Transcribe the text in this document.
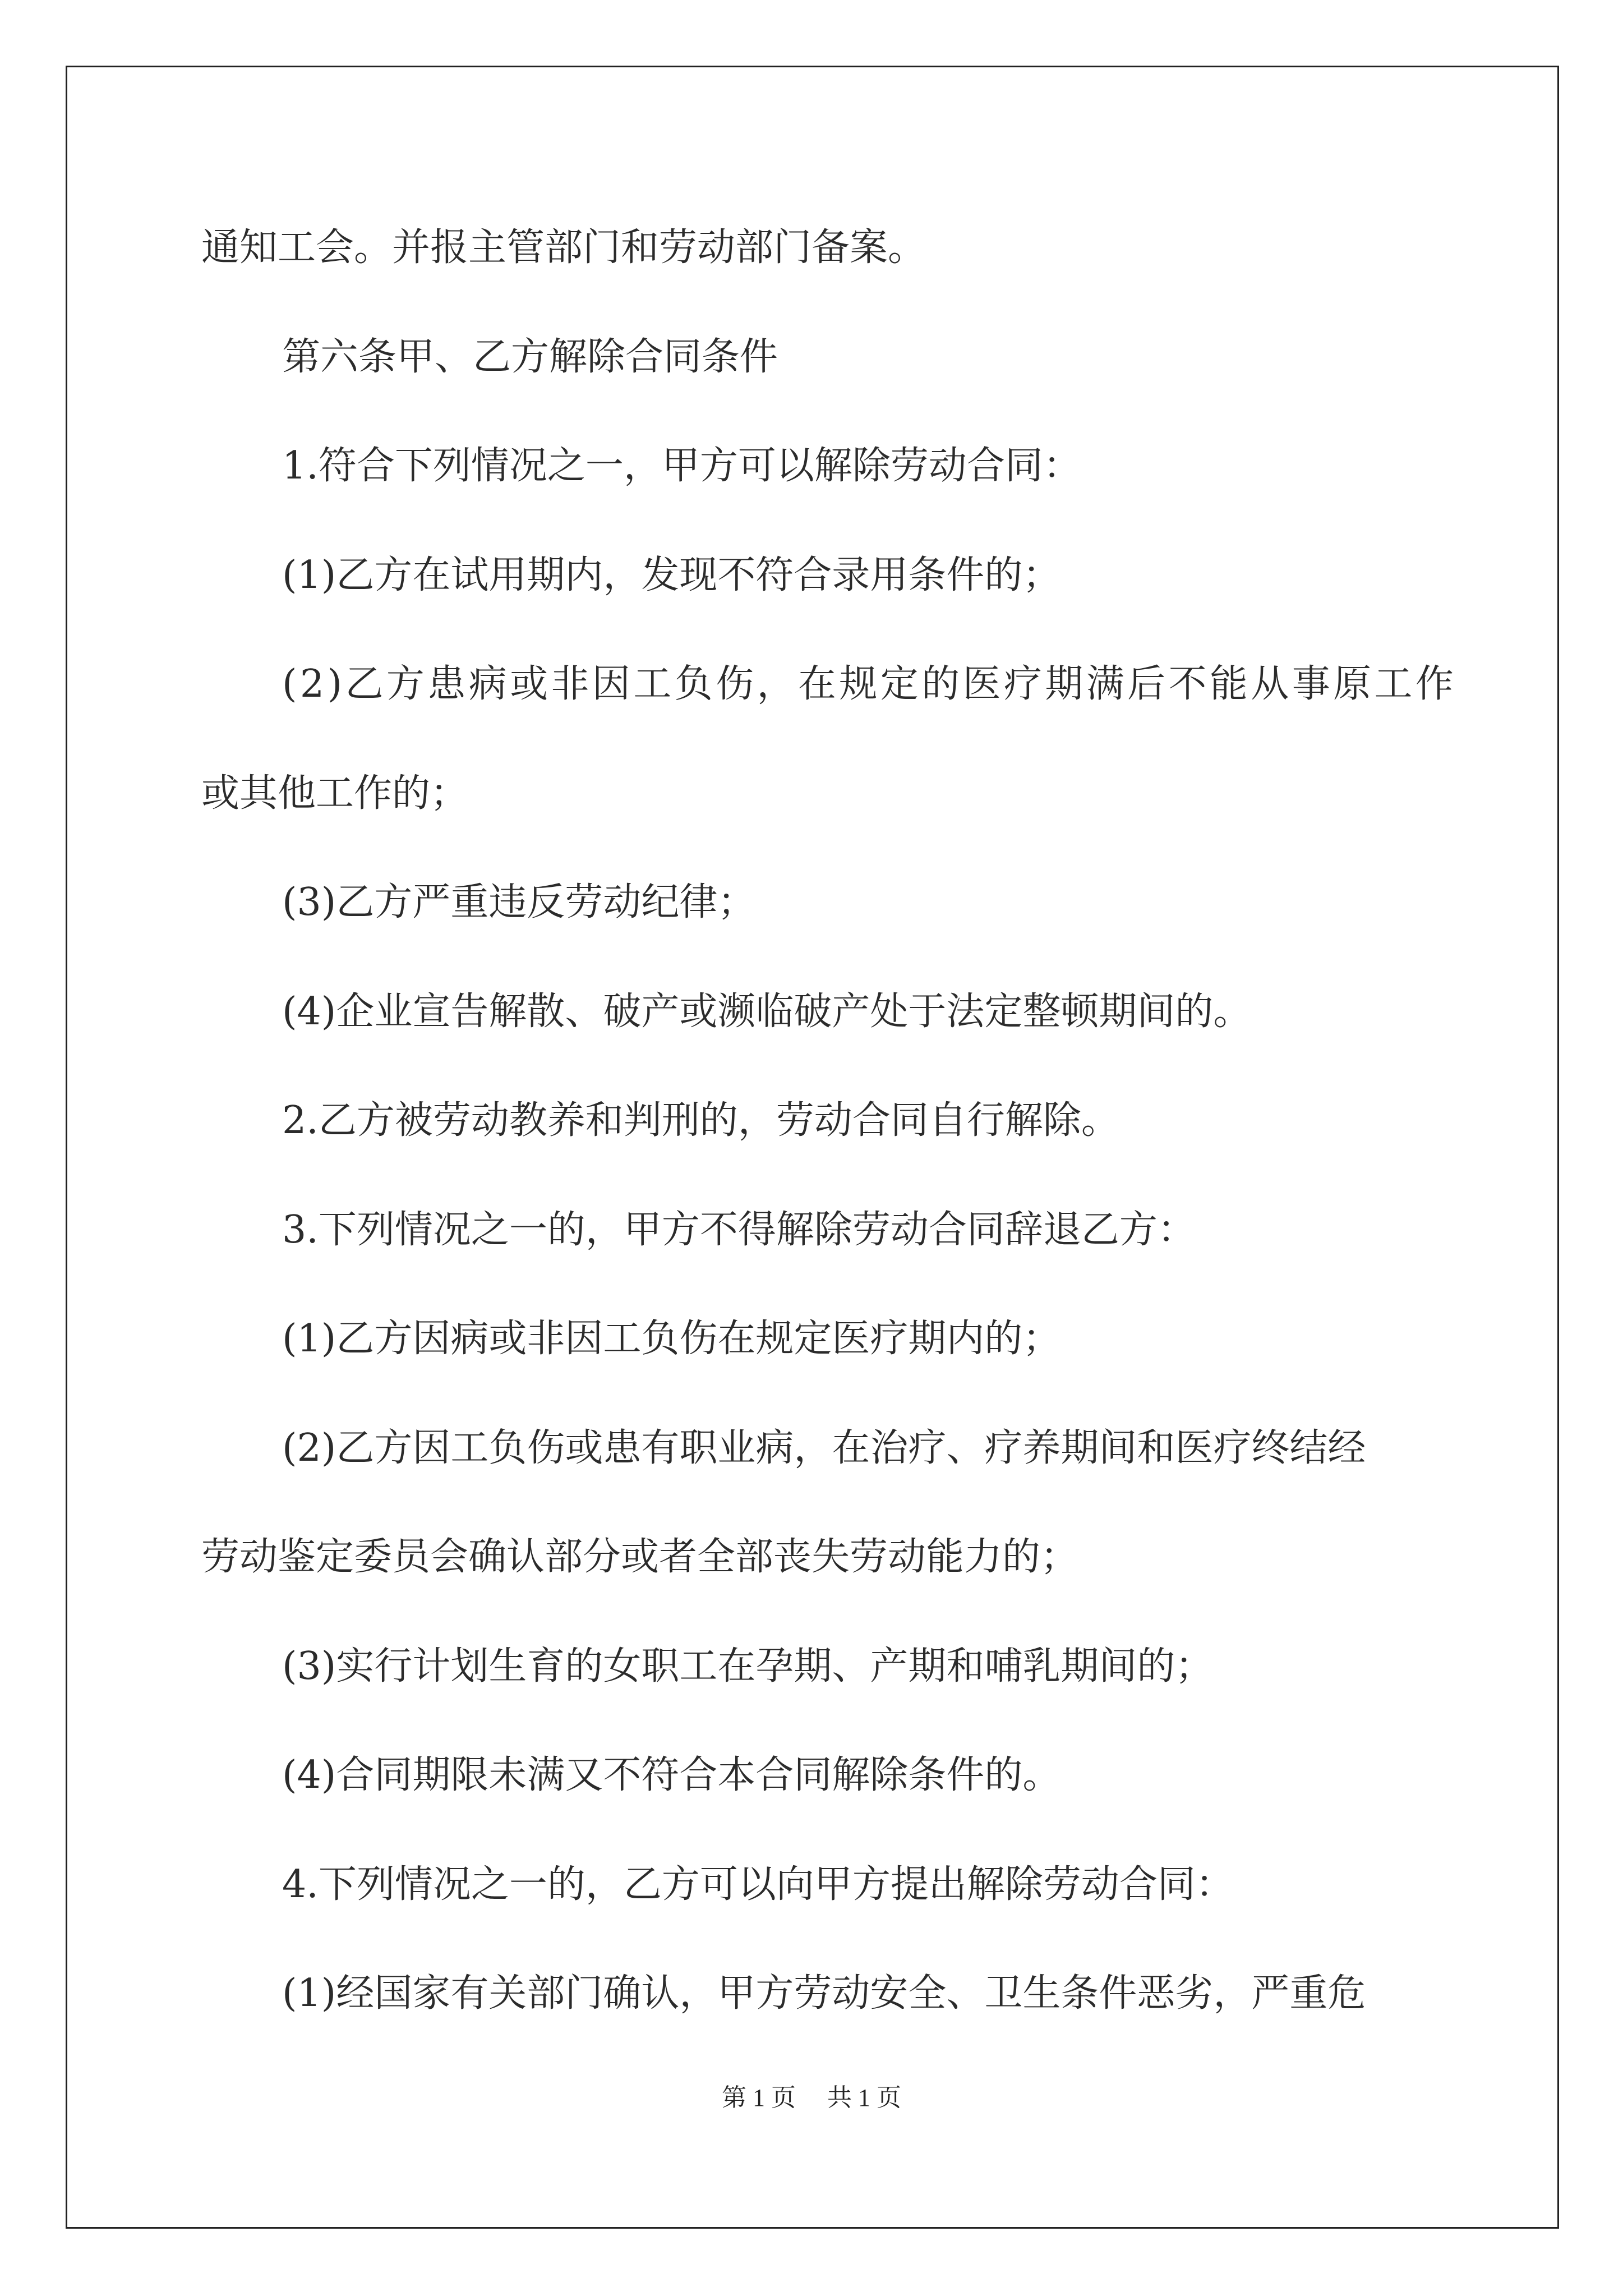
通知工会。并报主管部门和劳动部门备案。

第六条甲、乙方解除合同条件

1.符合下列情况之一，甲方可以解除劳动合同：

(1)乙方在试用期内，发现不符合录用条件的；

(2)乙方患病或非因工负伤，在规定的医疗期满后不能从事原工作

或其他工作的；

(3)乙方严重违反劳动纪律；

(4)企业宣告解散、破产或濒临破产处于法定整顿期间的。

2.乙方被劳动教养和判刑的，劳动合同自行解除。

3.下列情况之一的，甲方不得解除劳动合同辞退乙方：

(1)乙方因病或非因工负伤在规定医疗期内的；

(2)乙方因工负伤或患有职业病，在治疗、疗养期间和医疗终结经

劳动鉴定委员会确认部分或者全部丧失劳动能力的；

(3)实行计划生育的女职工在孕期、产期和哺乳期间的；

(4)合同期限未满又不符合本合同解除条件的。

4.下列情况之一的，乙方可以向甲方提出解除劳动合同：

(1)经国家有关部门确认，甲方劳动安全、卫生条件恶劣，严重危

第 1 页 共 1 页
